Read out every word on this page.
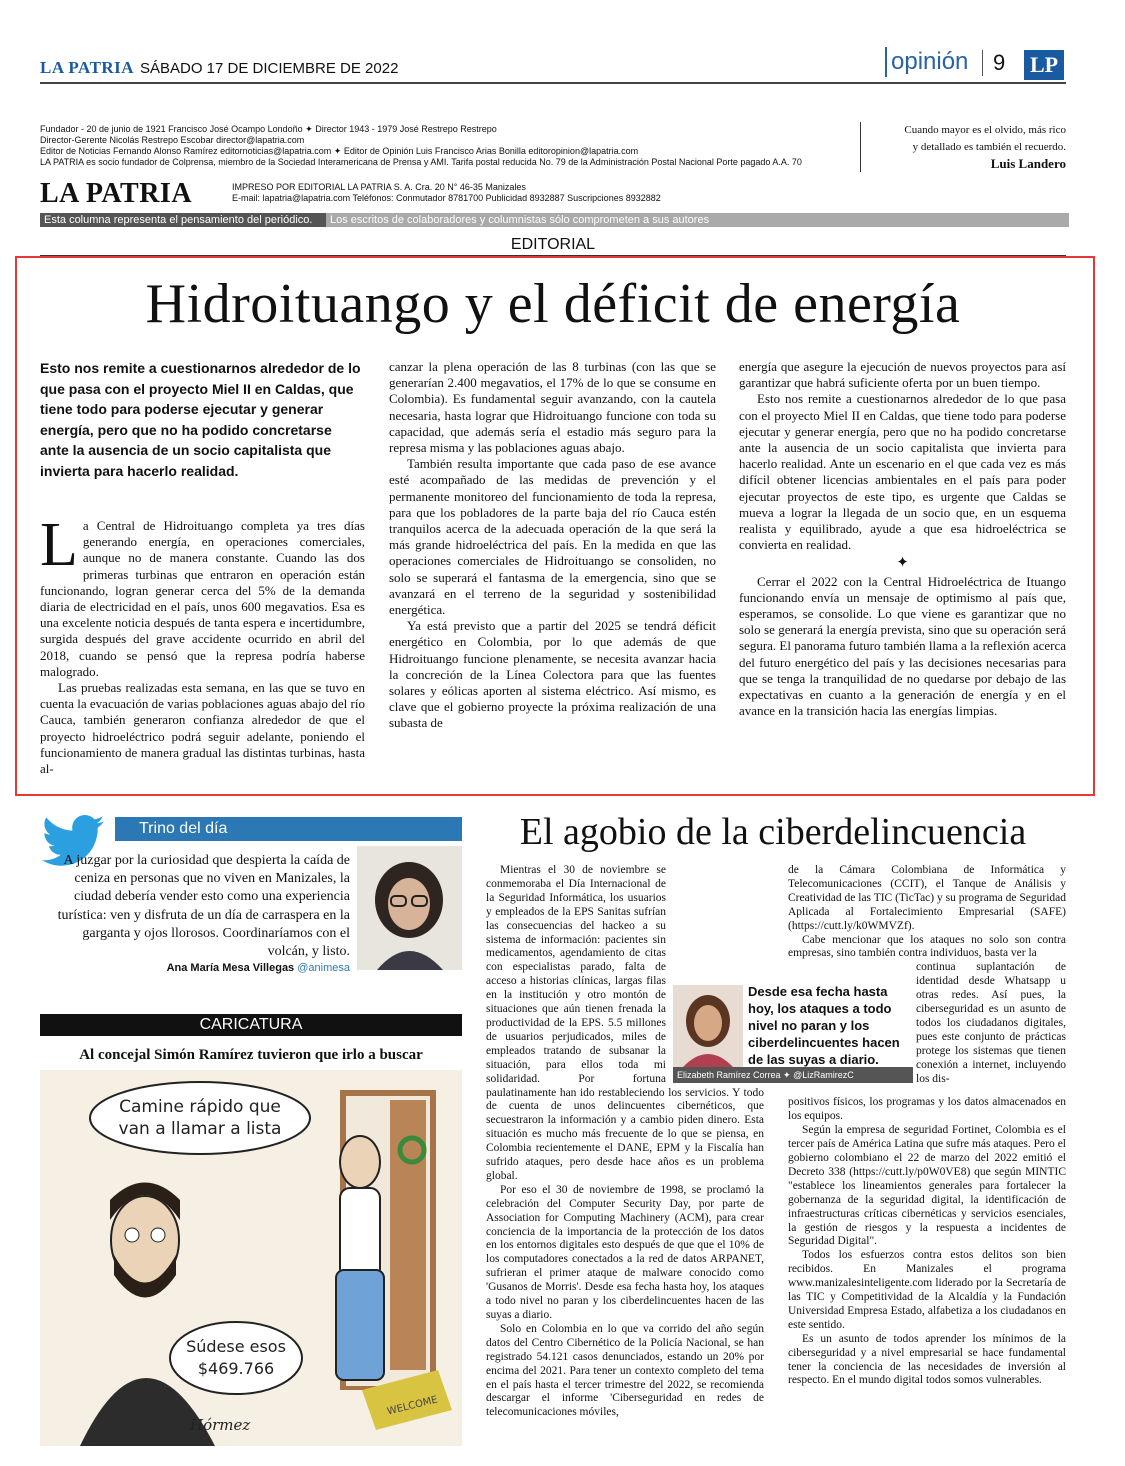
LA PATRIA SÁBADO 17 DE DICIEMBRE DE 2022	opinión	9 LP
Fundador - 20 de junio de 1921 Francisco José Ocampo Londoño ✦ Director 1943 - 1979 José Restrepo Restrepo
Director-Gerente Nicolás Restrepo Escobar director@lapatria.com
Editor de Noticias Fernando Alonso Ramírez editornoticias@lapatria.com ✦ Editor de Opinión Luis Francisco Arias Bonilla editoropinion@lapatria.com
LA PATRIA es socio fundador de Colprensa, miembro de la Sociedad Interamericana de Prensa y AMI. Tarifa postal reducida No. 79 de la Administración Postal Nacional Porte pagado A.A. 70
Cuando mayor es el olvido, más rico
y detallado es también el recuerdo.
Luis Landero
LA PATRIA	IMPRESO POR EDITORIAL LA PATRIA S. A. Cra. 20 N° 46-35 Manizales
E-mail: lapatria@lapatria.com Teléfonos: Conmutador 8781700 Publicidad 8932887 Suscripciones 8932882
Esta columna representa el pensamiento del periódico.	Los escritos de colaboradores y columnistas sólo comprometen a sus autores
EDITORIAL
Hidroituango y el déficit de energía
Esto nos remite a cuestionarnos alrededor de lo que pasa con el proyecto Miel II en Caldas, que tiene todo para poderse ejecutar y generar energía, pero que no ha podido concretarse ante la ausencia de un socio capitalista que invierta para hacerlo realidad.
L a Central de Hidroituango completa ya tres días generando energía, en operaciones comerciales, aunque no de manera constante. Cuando las dos primeras turbinas que entraron en operación están funcionando, logran generar cerca del 5% de la demanda diaria de electricidad en el país, unos 600 megavatios. Esa es una excelente noticia después de tanta espera e incertidumbre, surgida después del grave accidente ocurrido en abril del 2018, cuando se pensó que la represa podría haberse malogrado.

Las pruebas realizadas esta semana, en las que se tuvo en cuenta la evacuación de varias poblaciones aguas abajo del río Cauca, también generaron confianza alrededor de que el proyecto hidroeléctrico podrá seguir adelante, poniendo el funcionamiento de manera gradual las distintas turbinas, hasta al-

canzar la plena operación de las 8 turbinas (con las que se generarían 2.400 megavatios, el 17% de lo que se consume en Colombia). Es fundamental seguir avanzando, con la cautela necesaria, hasta lograr que Hidroituango funcione con toda su capacidad, que además sería el estadio más seguro para la represa misma y las poblaciones aguas abajo.

También resulta importante que cada paso de ese avance esté acompañado de las medidas de prevención y el permanente monitoreo del funcionamiento de toda la represa, para que los pobladores de la parte baja del río Cauca estén tranquilos acerca de la adecuada operación de la que será la más grande hidroeléctrica del país. En la medida en que las operaciones comerciales de Hidroituango se consoliden, no solo se superará el fantasma de la emergencia, sino que se avanzará en el terreno de la seguridad y sostenibilidad energética.

Ya está previsto que a partir del 2025 se tendrá déficit energético en Colombia, por lo que además de que Hidroituango funcione plenamente, se necesita avanzar hacia la concreción de la Línea Colectora para que las fuentes solares y eólicas aporten al sistema eléctrico. Así mismo, es clave que el gobierno proyecte la próxima realización de una subasta de

energía que asegure la ejecución de nuevos proyectos para así garantizar que habrá suficiente oferta por un buen tiempo.

Esto nos remite a cuestionarnos alrededor de lo que pasa con el proyecto Miel II en Caldas, que tiene todo para poderse ejecutar y generar energía, pero que no ha podido concretarse ante la ausencia de un socio capitalista que invierta para hacerlo realidad. Ante un escenario en el que cada vez es más difícil obtener licencias ambientales en el país para poder ejecutar proyectos de este tipo, es urgente que Caldas se mueva a lograr la llegada de un socio que, en un esquema realista y equilibrado, ayude a que esa hidroeléctrica se convierta en realidad.

✦

Cerrar el 2022 con la Central Hidroeléctrica de Ituango funcionando envía un mensaje de optimismo al país que, esperamos, se consolide. Lo que viene es garantizar que no solo se generará la energía prevista, sino que su operación será segura. El panorama futuro también llama a la reflexión acerca del futuro energético del país y las decisiones necesarias para que se tenga la tranquilidad de no quedarse por debajo de las expectativas en cuanto a la generación de energía y en el avance en la transición hacia las energías limpias.

Trino del día
A juzgar por la curiosidad que despierta la caída de ceniza en personas que no viven en Manizales, la ciudad debería vender esto como una experiencia turística: ven y disfruta de un día de carraspera en la garganta y ojos llorosos. Coordinaríamos con el volcán, y listo.
Ana María Mesa Villegas @animesa
CARICATURA
Al concejal Simón Ramírez tuvieron que irlo a buscar
WELCOME
Camine rápido que
van a llamar a lista
Súdese esos
$469.766
Hórmez
El agobio de la ciberdelincuencia
Desde esa fecha hasta hoy, los ataques a todo nivel no paran y los ciberdelincuentes hacen de las suyas a diario.
Elizabeth Ramírez Correa ✦ @LizRamirezC

Mientras el 30 de noviembre se conmemoraba el Día Internacional de la Seguridad Informática, los usuarios y empleados de la EPS Sanitas sufrían las consecuencias del hackeo a su sistema de información: pacientes sin medicamentos, agendamiento de citas con especialistas parado, falta de acceso a historias clínicas, largas filas en la institución y otro montón de situaciones que aún tienen frenada la productividad de la EPS. 5.5 millones de usuarios perjudicados, miles de empleados tratando de subsanar la situación, para ellos toda mi solidaridad. Por fortuna paulatinamente han ido restableciendo los servicios. Y todo de cuenta de unos delincuentes cibernéticos, que secuestraron la información y a cambio piden dinero. Esta situación es mucho más frecuente de lo que se piensa, en Colombia recientemente el DANE, EPM y la Fiscalía han sufrido ataques, pero desde hace años es un problema global.

Por eso el 30 de noviembre de 1998, se proclamó la celebración del Computer Security Day, por parte de Association for Computing Machinery (ACM), para crear conciencia de la importancia de la protección de los datos en los entornos digitales esto después de que que el 10% de los computadores conectados a la red de datos ARPANET, sufrieran el primer ataque de malware conocido como 'Gusanos de Morris'. Desde esa fecha hasta hoy, los ataques a todo nivel no paran y los ciberdelincuentes hacen de las suyas a diario.

Solo en Colombia en lo que va corrido del año según datos del Centro Cibernético de la Policía Nacional, se han registrado 54.121 casos denunciados, estando un 20% por encima del 2021. Para tener un contexto completo del tema en el país hasta el tercer trimestre del 2022, se recomienda descargar el informe 'Ciberseguridad en redes de telecomunicaciones móviles,

de la Cámara Colombiana de Informática y Telecomunicaciones (CCIT), el Tanque de Análisis y Creatividad de las TIC (TicTac) y su programa de Seguridad Aplicada al Fortalecimiento Empresarial (SAFE) (https://cutt.ly/k0WMVZf).

Cabe mencionar que los ataques no solo son contra empresas, sino también contra individuos, basta ver la

continua suplantación de identidad desde Whatsapp u otras redes. Así pues, la ciberseguridad es un asunto de todos los ciudadanos digitales, pues este conjunto de prácticas protege los sistemas que tienen conexión a internet, incluyendo los dis-

positivos físicos, los programas y los datos almacenados en los equipos.

Según la empresa de seguridad Fortinet, Colombia es el tercer país de América Latina que sufre más ataques. Pero el gobierno colombiano el 22 de marzo del 2022 emitió el Decreto 338 (https://cutt.ly/p0W0VE8) que según MINTIC "establece los lineamientos generales para fortalecer la gobernanza de la seguridad digital, la identificación de infraestructuras críticas cibernéticas y servicios esenciales, la gestión de riesgos y la respuesta a incidentes de Seguridad Digital".

Todos los esfuerzos contra estos delitos son bien recibidos. En Manizales el programa www.manizalesinteligente.com liderado por la Secretaría de las TIC y Competitividad de la Alcaldía y la Fundación Universidad Empresa Estado, alfabetiza a los ciudadanos en este sentido.

Es un asunto de todos aprender los mínimos de la ciberseguridad y a nivel empresarial se hace fundamental tener la conciencia de las necesidades de inversión al respecto. En el mundo digital todos somos vulnerables.
